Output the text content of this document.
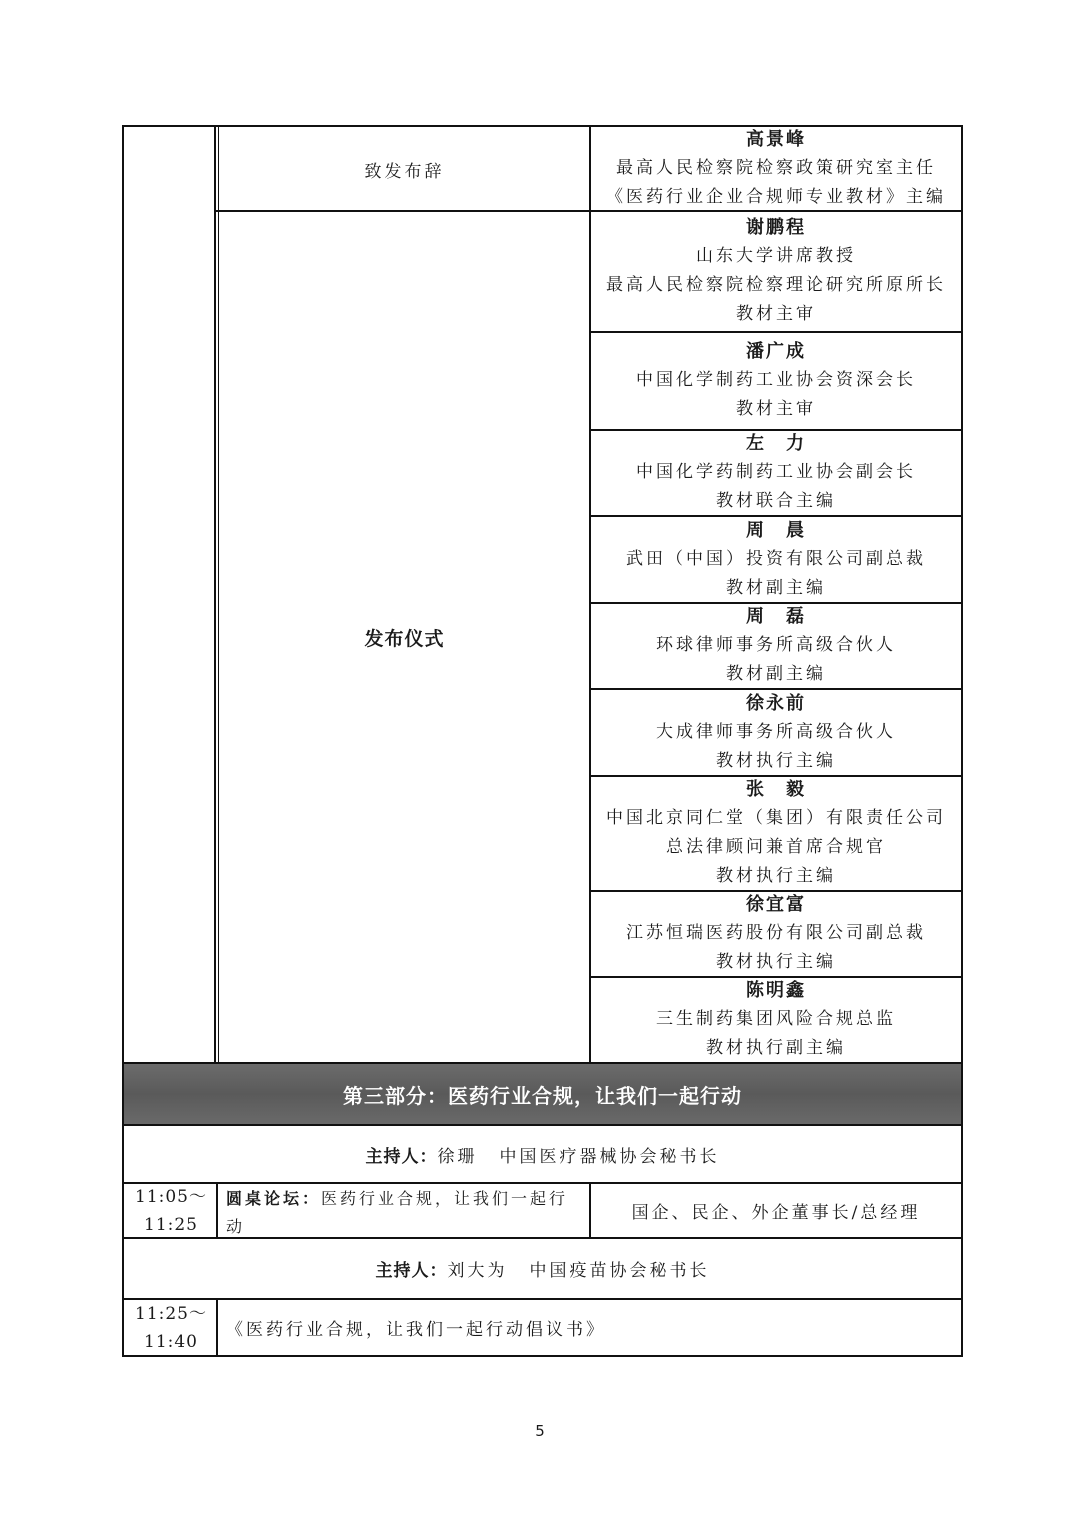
致发布辞
高景峰
最高人民检察院检察政策研究室主任
《医药行业企业合规师专业教材》主编
发布仪式
谢鹏程
山东大学讲席教授
最高人民检察院检察理论研究所原所长
教材主审
潘广成
中国化学制药工业协会资深会长
教材主审
左　力
中国化学药制药工业协会副会长
教材联合主编
周　晨
武田（中国）投资有限公司副总裁
教材副主编
周　磊
环球律师事务所高级合伙人
教材副主编
徐永前
大成律师事务所高级合伙人
教材执行主编
张　毅
中国北京同仁堂（集团）有限责任公司
总法律顾问兼首席合规官
教材执行主编
徐宜富
江苏恒瑞医药股份有限公司副总裁
教材执行主编
陈明鑫
三生制药集团风险合规总监
教材执行副主编
第三部分：医药行业合规，让我们一起行动
主持人：徐珊 中国医疗器械协会秘书长
11:05～
11:25
圆桌论坛：医药行业合规，让我们一起行动
国企、民企、外企董事长/总经理
主持人：刘大为 中国疫苗协会秘书长
11:25～
11:40
《医药行业合规，让我们一起行动倡议书》
5
